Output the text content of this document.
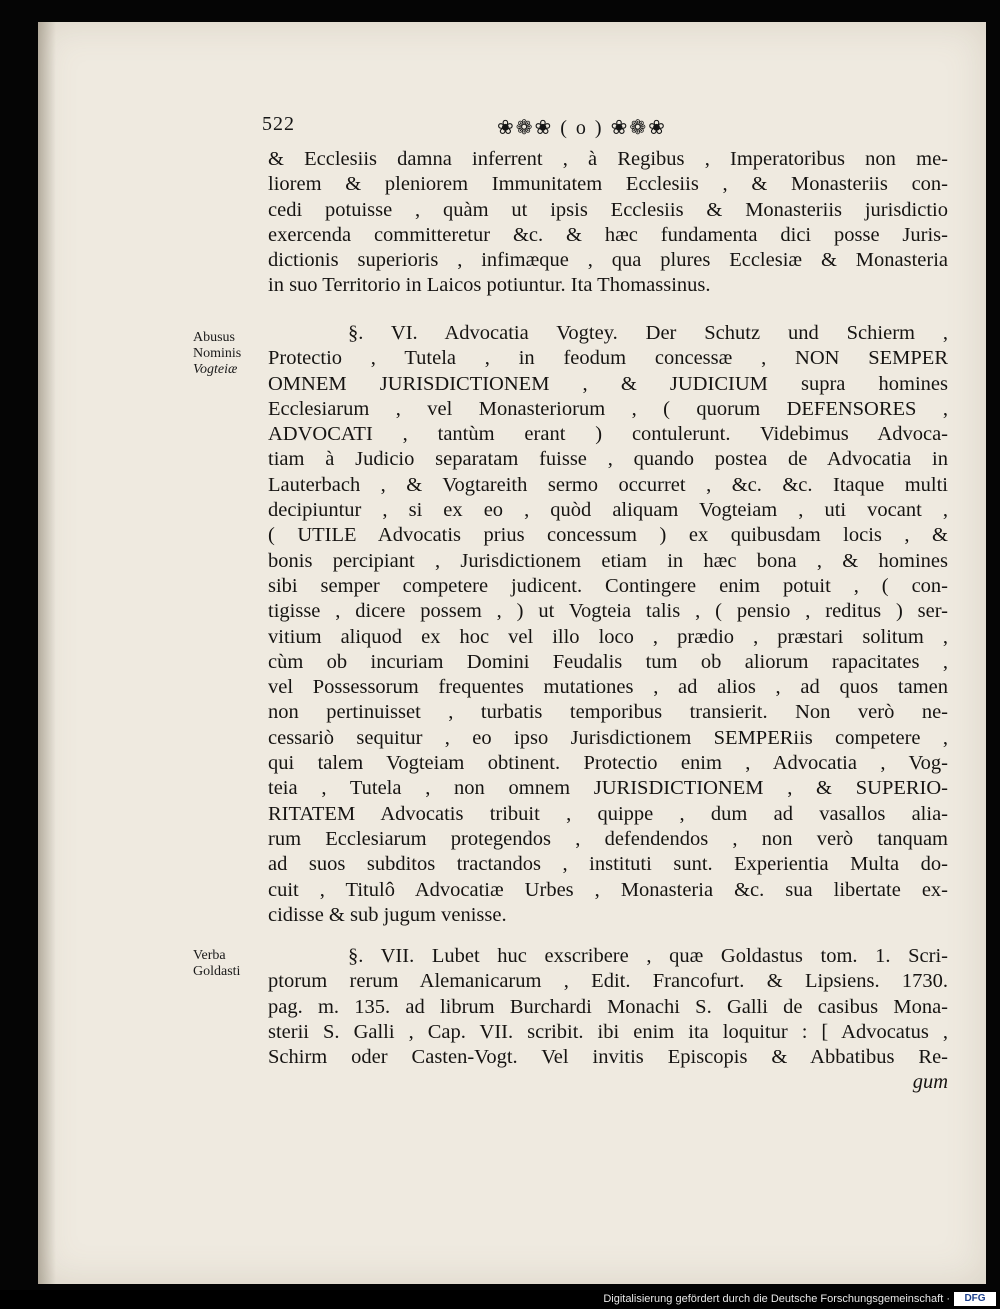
522	❀❁❀ ( o ) ❀❁❀
& Ecclesiis damna inferrent , à Regibus , Imperatoribus non me-
liorem & pleniorem Immunitatem Ecclesiis , & Monasteriis con-
cedi potuisse , quàm ut ipsis Ecclesiis & Monasteriis jurisdictio
exercenda committeretur &c. & hæc fundamenta dici posse Juris-
dictionis superioris , infimæque , qua plures Ecclesiæ & Monasteria
in suo Territorio in Laicos potiuntur. Ita Thomassinus.
Abusus
Nominis
Vogteiæ
§. VI. Advocatia Vogtey. Der Schutz und Schierm ,
Protectio , Tutela , in feodum concessæ , NON SEMPER
OMNEM JURISDICTIONEM , & JUDICIUM supra homines
Ecclesiarum , vel Monasteriorum , ( quorum DEFENSORES ,
ADVOCATI , tantùm erant ) contulerunt. Videbimus Advoca-
tiam à Judicio separatam fuisse , quando postea de Advocatia in
Lauterbach , & Vogtareith sermo occurret , &c. &c. Itaque multi
decipiuntur , si ex eo , quòd aliquam Vogteiam , uti vocant ,
( UTILE Advocatis prius concessum ) ex quibusdam locis , &
bonis percipiant , Jurisdictionem etiam in hæc bona , & homines
sibi semper competere judicent. Contingere enim potuit , ( con-
tigisse , dicere possem , ) ut Vogteia talis , ( pensio , reditus ) ser-
vitium aliquod ex hoc vel illo loco , prædio , præstari solitum ,
cùm ob incuriam Domini Feudalis tum ob aliorum rapacitates ,
vel Possessorum frequentes mutationes , ad alios , ad quos tamen
non pertinuisset , turbatis temporibus transierit. Non verò ne-
cessariò sequitur , eo ipso Jurisdictionem SEMPERiis competere ,
qui talem Vogteiam obtinent. Protectio enim , Advocatia , Vog-
teia , Tutela , non omnem JURISDICTIONEM , & SUPERIO-
RITATEM Advocatis tribuit , quippe , dum ad vasallos alia-
rum Ecclesiarum protegendos , defendendos , non verò tanquam
ad suos subditos tractandos , instituti sunt. Experientia Multa do-
cuit , Titulô Advocatiæ Urbes , Monasteria &c. sua libertate ex-
cidisse & sub jugum venisse.
Verba
Goldasti
§. VII. Lubet huc exscribere , quæ Goldastus tom. 1. Scri-
ptorum rerum Alemanicarum , Edit. Francofurt. & Lipsiens. 1730.
pag. m. 135. ad librum Burchardi Monachi S. Galli de casibus Mona-
sterii S. Galli , Cap. VII. scribit. ibi enim ita loquitur : [ Advocatus ,
Schirm oder Casten-Vogt. Vel invitis Episcopis & Abbatibus Re-
gum
Digitalisierung gefördert durch die Deutsche Forschungsgemeinschaft ·	DFG
